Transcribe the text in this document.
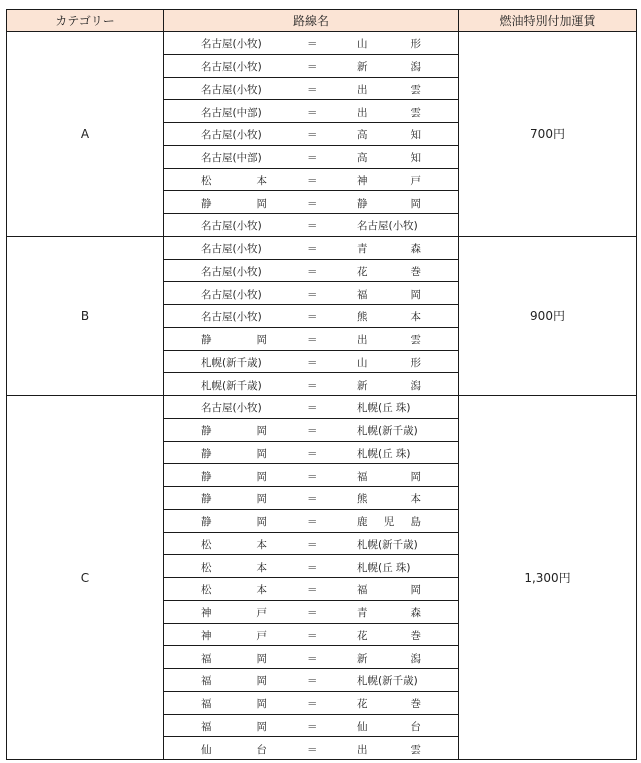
カテゴリー	路線名	燃油特別付加運賃
A	名古屋(小牧) ＝ 山形	700円

	名古屋(小牧) ＝ 新潟	

	名古屋(小牧) ＝ 出雲	

	名古屋(中部) ＝ 出雲	

	名古屋(小牧) ＝ 高知	

	名古屋(中部) ＝ 高知	

	松本 ＝ 神戸	

	静岡 ＝ 静岡	

	名古屋(小牧) ＝ 名古屋(小牧)	

B	名古屋(小牧) ＝ 青森	900円

	名古屋(小牧) ＝ 花巻	

	名古屋(小牧) ＝ 福岡	

	名古屋(小牧) ＝ 熊本	

	静岡 ＝ 出雲	

	札幌(新千歳) ＝ 山形	

	札幌(新千歳) ＝ 新潟	

C	名古屋(小牧) ＝ 札幌(丘 珠)	1,300円

	静岡 ＝ 札幌(新千歳)	

	静岡 ＝ 札幌(丘 珠)	

	静岡 ＝ 福岡	

	静岡 ＝ 熊本	

	静岡 ＝ 鹿児島	

	松本 ＝ 札幌(新千歳)	

	松本 ＝ 札幌(丘 珠)	

	松本 ＝ 福岡	

	神戸 ＝ 青森	

	神戸 ＝ 花巻	

	福岡 ＝ 新潟	

	福岡 ＝ 札幌(新千歳)	

	福岡 ＝ 花巻	

	福岡 ＝ 仙台	

	仙台 ＝ 出雲	
